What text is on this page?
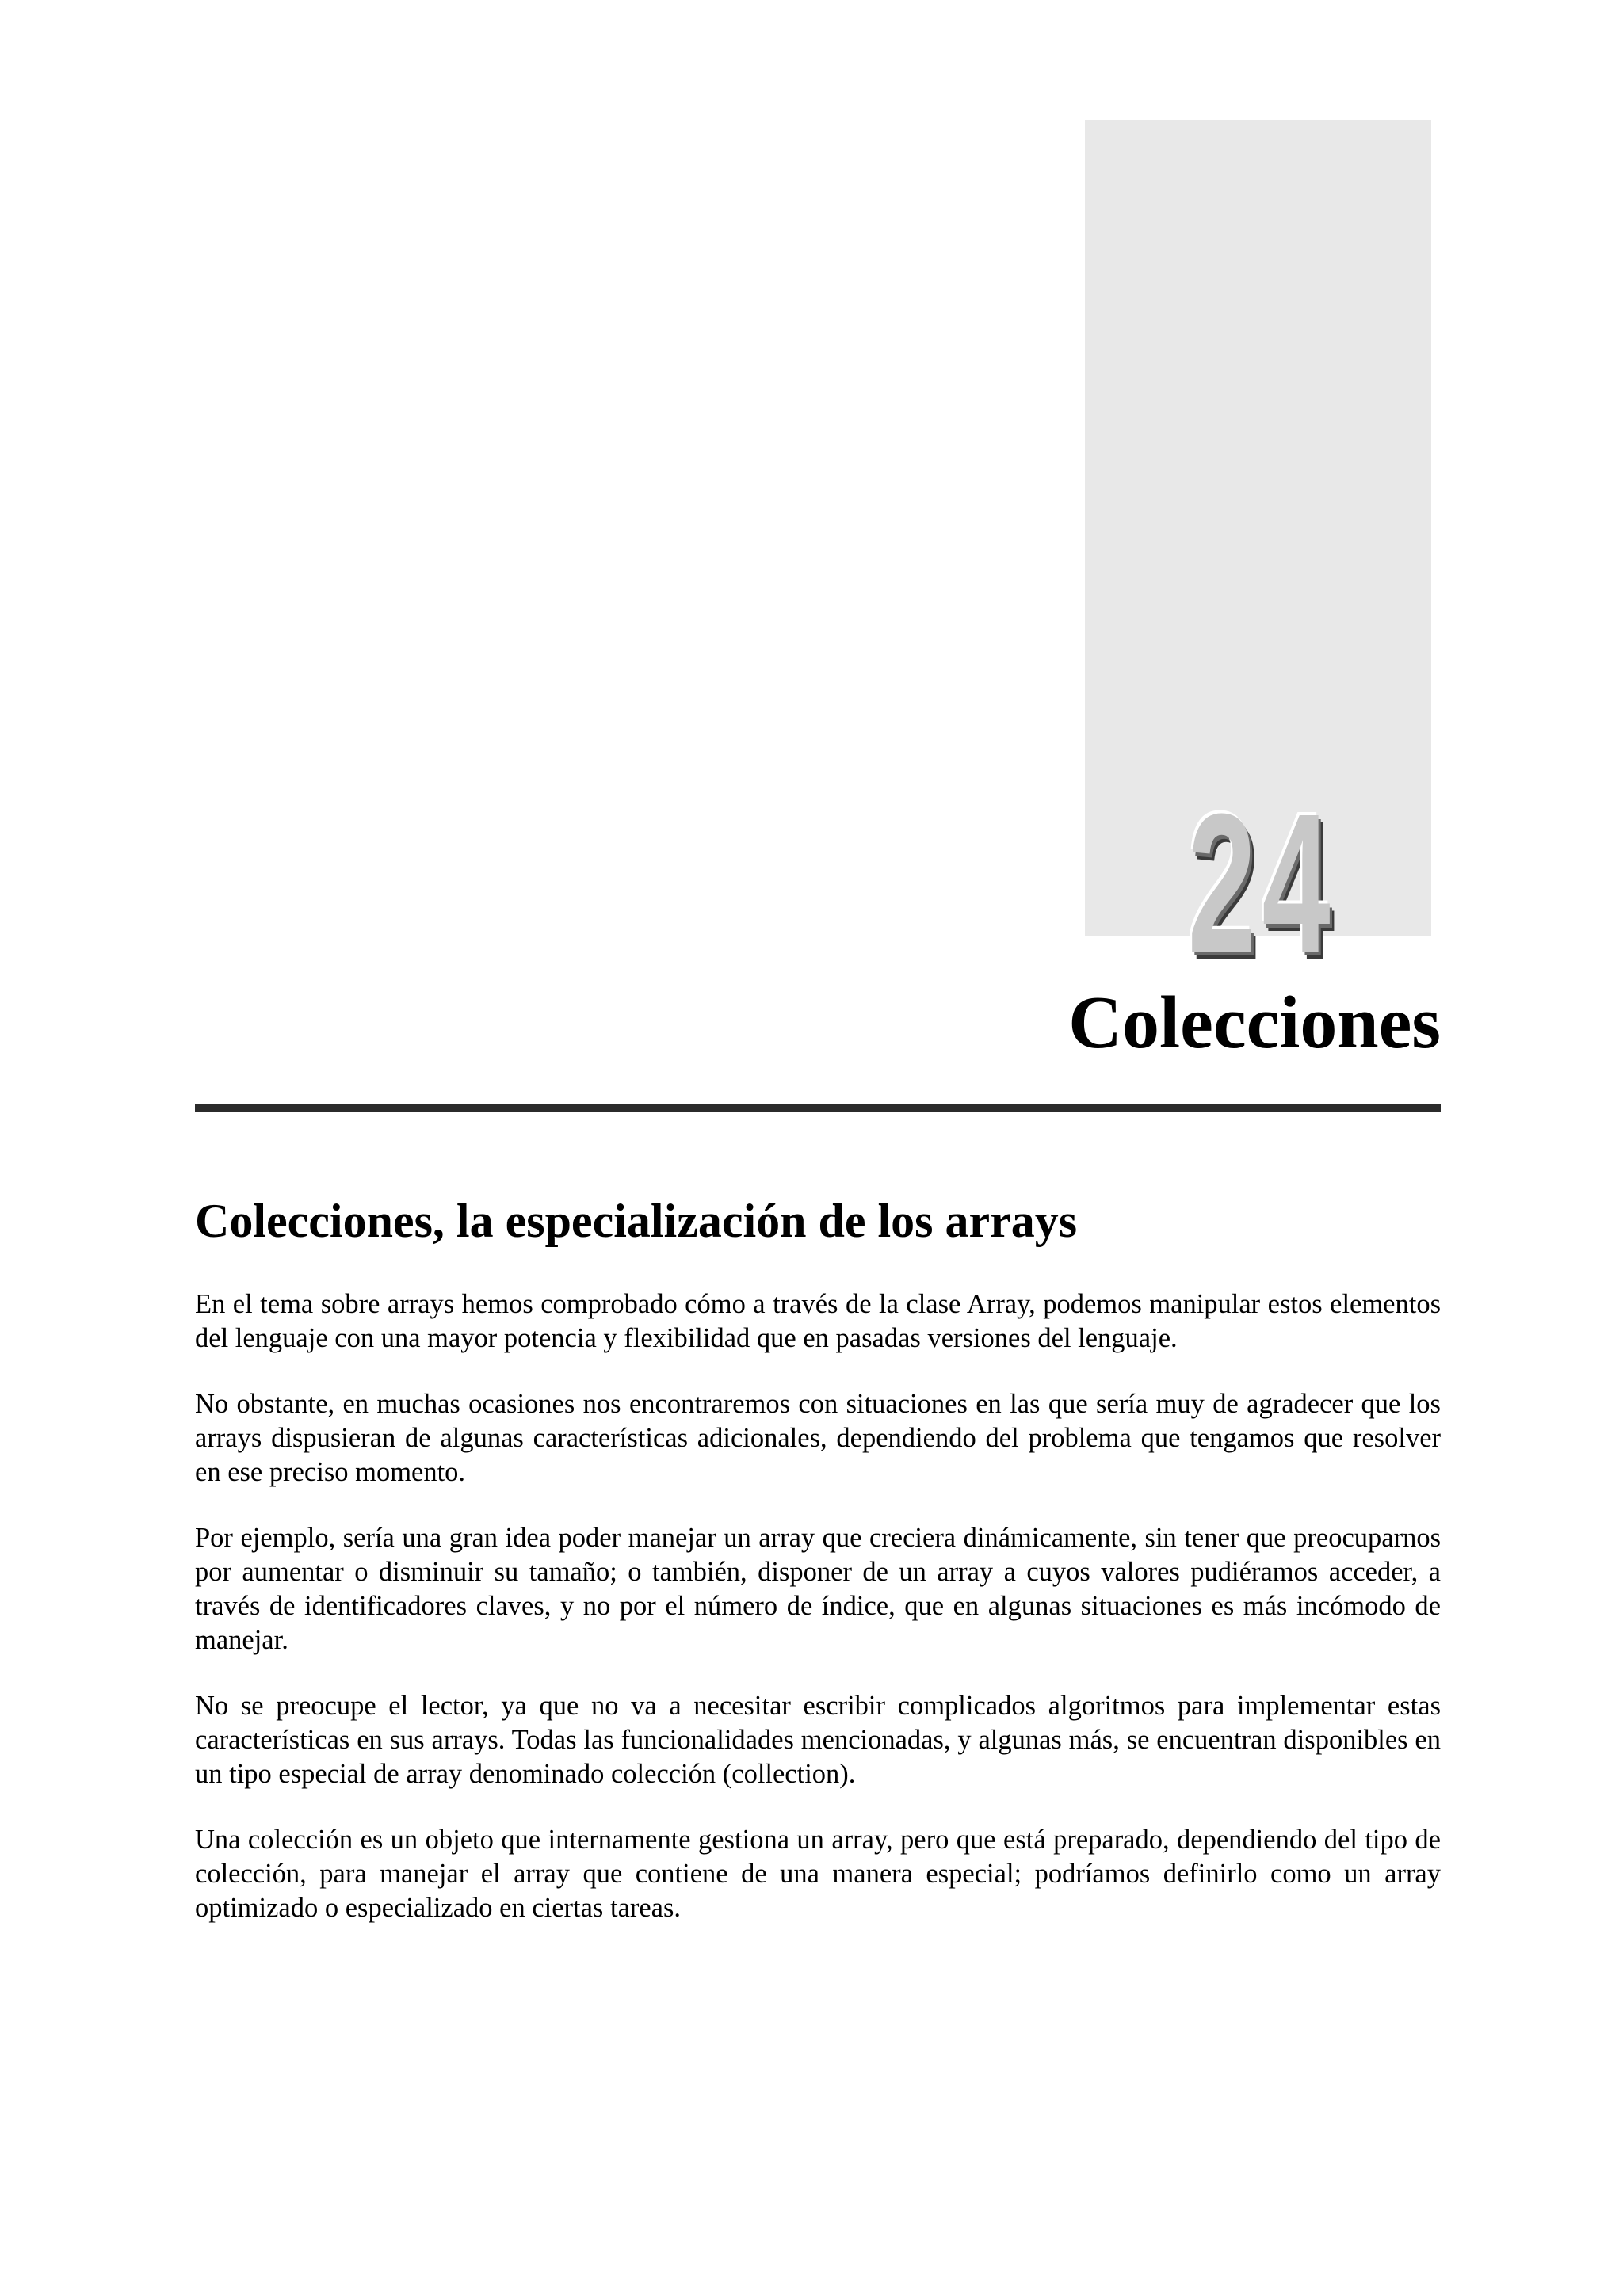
24
Colecciones
Colecciones, la especialización de los arrays

En el tema sobre arrays hemos comprobado cómo a través de la clase Array, podemos manipular estos elementos del lenguaje con una mayor potencia y flexibilidad que en pasadas versiones del lenguaje.

No obstante, en muchas ocasiones nos encontraremos con situaciones en las que sería muy de agradecer que los arrays dispusieran de algunas características adicionales, dependiendo del problema que tengamos que resolver en ese preciso momento.

Por ejemplo, sería una gran idea poder manejar un array que creciera dinámicamente, sin tener que preocuparnos por aumentar o disminuir su tamaño; o también, disponer de un array a cuyos valores pudiéramos acceder, a través de identificadores claves, y no por el número de índice, que en algunas situaciones es más incómodo de manejar.

No se preocupe el lector, ya que no va a necesitar escribir complicados algoritmos para implementar estas características en sus arrays. Todas las funcionalidades mencionadas, y algunas más, se encuentran disponibles en un tipo especial de array denominado colección (collection).

Una colección es un objeto que internamente gestiona un array, pero que está preparado, dependiendo del tipo de colección, para manejar el array que contiene de una manera especial; podríamos definirlo como un array optimizado o especializado en ciertas tareas.
